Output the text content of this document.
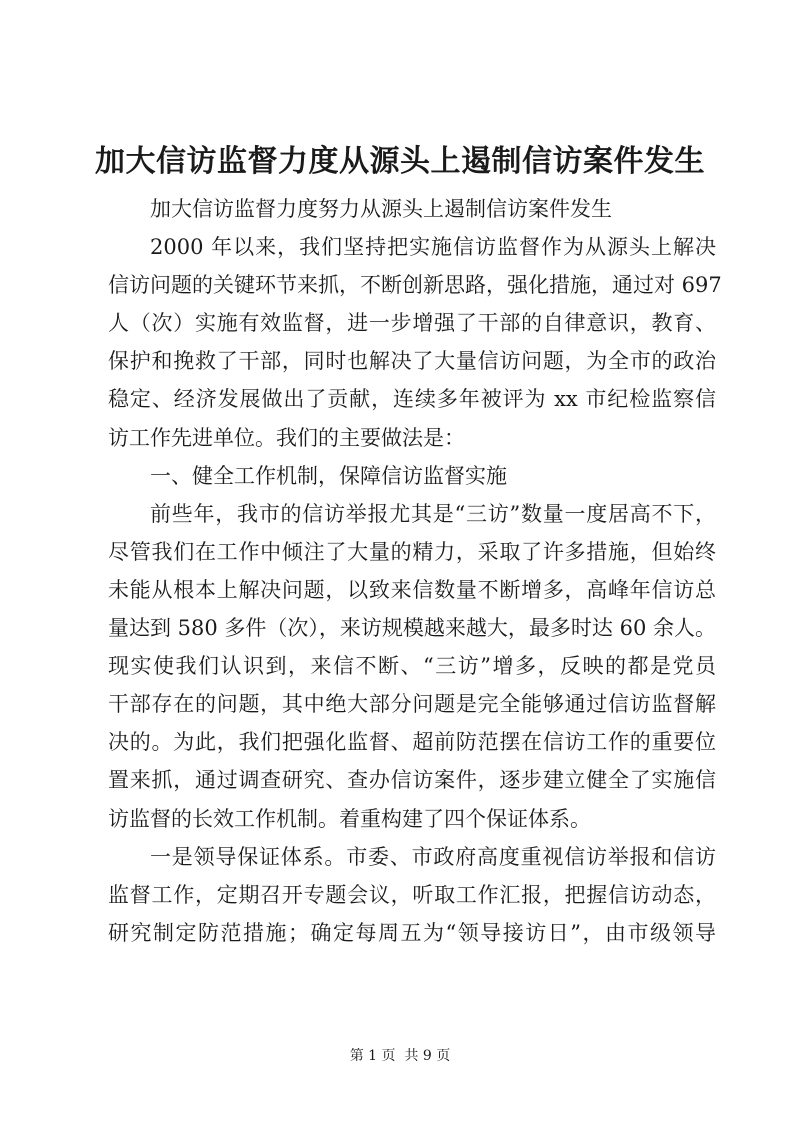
加大信访监督力度从源头上遏制信访案件发生
加大信访监督力度努力从源头上遏制信访案件发生
2000 年以来，我们坚持把实施信访监督作为从源头上解决
信访问题的关键环节来抓，不断创新思路，强化措施，通过对 697
人（次）实施有效监督，进一步增强了干部的自律意识，教育、
保护和挽救了干部，同时也解决了大量信访问题，为全市的政治
稳定、经济发展做出了贡献，连续多年被评为 xx 市纪检监察信
访工作先进单位。我们的主要做法是：
一、健全工作机制，保障信访监督实施
前些年，我市的信访举报尤其是“三访”数量一度居高不下，
尽管我们在工作中倾注了大量的精力，采取了许多措施，但始终
未能从根本上解决问题，以致来信数量不断增多，高峰年信访总
量达到 580 多件（次），来访规模越来越大，最多时达 60 余人。
现实使我们认识到，来信不断、“三访”增多，反映的都是党员
干部存在的问题，其中绝大部分问题是完全能够通过信访监督解
决的。为此，我们把强化监督、超前防范摆在信访工作的重要位
置来抓，通过调查研究、查办信访案件，逐步建立健全了实施信
访监督的长效工作机制。着重构建了四个保证体系。
一是领导保证体系。市委、市政府高度重视信访举报和信访
监督工作，定期召开专题会议，听取工作汇报，把握信访动态，
研究制定防范措施；确定每周五为“领导接访日”，由市级领导
第 1 页  共 9 页
